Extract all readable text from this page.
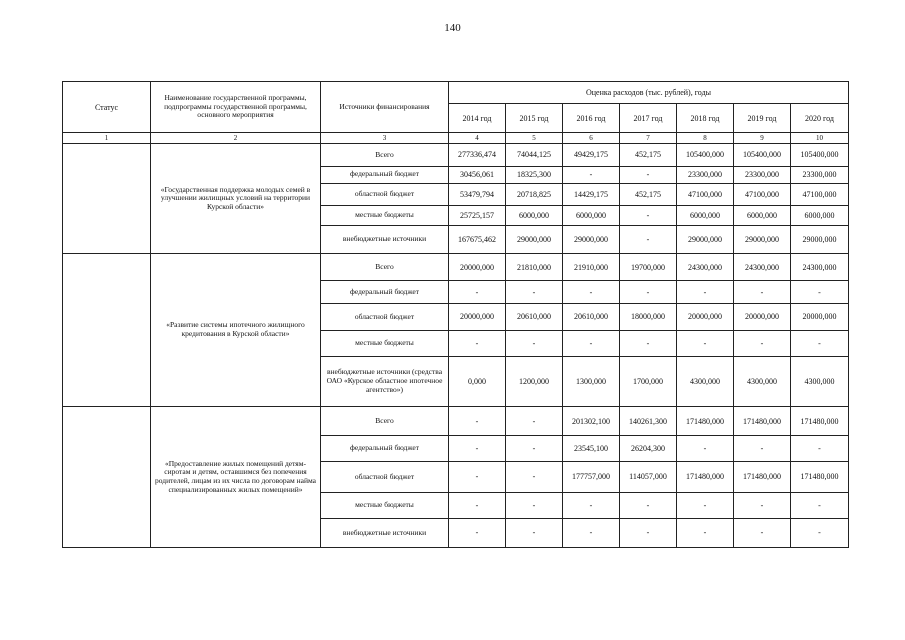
140
Статус	Наименование государственной программы, подпрограммы государственной программы, основного мероприятия	Источники финансирования	Оценка расходов (тыс. рублей), годы						
			2014 год	2015 год	2016 год	2017 год	2018 год	2019 год	2020 год
1	2	3	4	5	6	7	8	9	10
	«Государственная поддержка молодых семей в улучшении жилищных условий на территории Курской области»	Всего	277336,474	74044,125	49429,175	452,175	105400,000	105400,000	105400,000
		федеральный бюджет	30456,061	18325,300	-	-	23300,000	23300,000	23300,000
		областной бюджет	53479,794	20718,825	14429,175	452,175	47100,000	47100,000	47100,000
		местные бюджеты	25725,157	6000,000	6000,000	-	6000,000	6000,000	6000,000
		внебюджетные источники	167675,462	29000,000	29000,000	-	29000,000	29000,000	29000,000
	«Развитие системы ипотечного жилищного кредитования в Курской области»	Всего	20000,000	21810,000	21910,000	19700,000	24300,000	24300,000	24300,000
		федеральный бюджет	-	-	-	-	-	-	-
		областной бюджет	20000,000	20610,000	20610,000	18000,000	20000,000	20000,000	20000,000
		местные бюджеты	-	-	-	-	-	-	-
		внебюджетные источники (средства ОАО «Курское областное ипотечное агентство»)	0,000	1200,000	1300,000	1700,000	4300,000	4300,000	4300,000
	«Предоставление жилых помещений детям-сиротам и детям, оставшимся без попечения родителей, лицам из их числа по договорам найма специализированных жилых помещений»	Всего	-	-	201302,100	140261,300	171480,000	171480,000	171480,000
		федеральный бюджет	-	-	23545,100	26204,300	-	-	-
		областной бюджет	-	-	177757,000	114057,000	171480,000	171480,000	171480,000
		местные бюджеты	-	-	-	-	-	-	-
		внебюджетные источники	-	-	-	-	-	-	-
